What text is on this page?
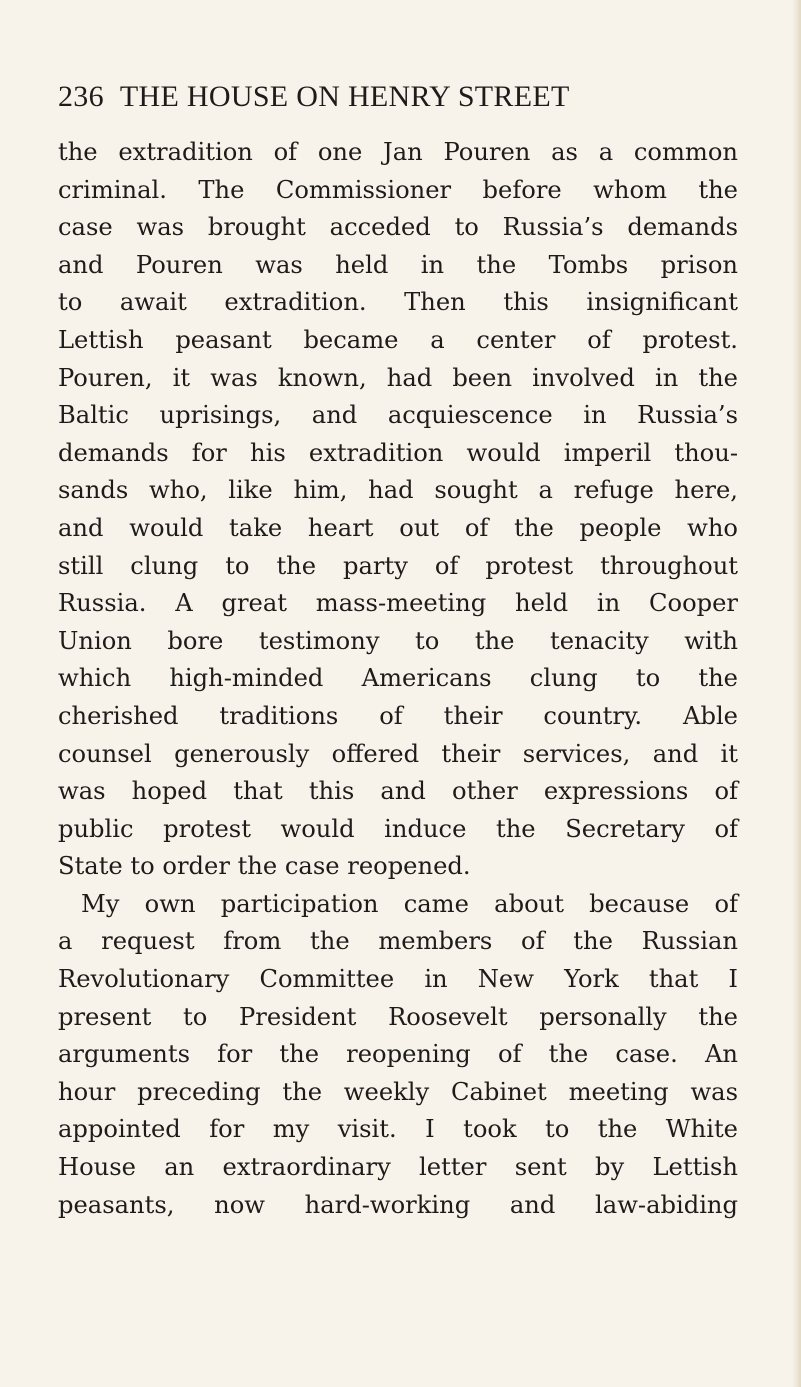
236 THE HOUSE ON HENRY STREET
the extradition of one Jan Pouren as a common
criminal. The Commissioner before whom the
case was brought acceded to Russia’s demands
and Pouren was held in the Tombs prison
to await extradition. Then this insignificant
Lettish peasant became a center of protest.
Pouren, it was known, had been involved in the
Baltic uprisings, and acquiescence in Russia’s
demands for his extradition would imperil thou-
sands who, like him, had sought a refuge here,
and would take heart out of the people who
still clung to the party of protest throughout
Russia. A great mass-meeting held in Cooper
Union bore testimony to the tenacity with
which high-minded Americans clung to the
cherished traditions of their country. Able
counsel generously offered their services, and it
was hoped that this and other expressions of
public protest would induce the Secretary of
State to order the case reopened.
My own participation came about because of
a request from the members of the Russian
Revolutionary Committee in New York that I
present to President Roosevelt personally the
arguments for the reopening of the case. An
hour preceding the weekly Cabinet meeting was
appointed for my visit. I took to the White
House an extraordinary letter sent by Lettish
peasants, now hard-working and law-abiding
